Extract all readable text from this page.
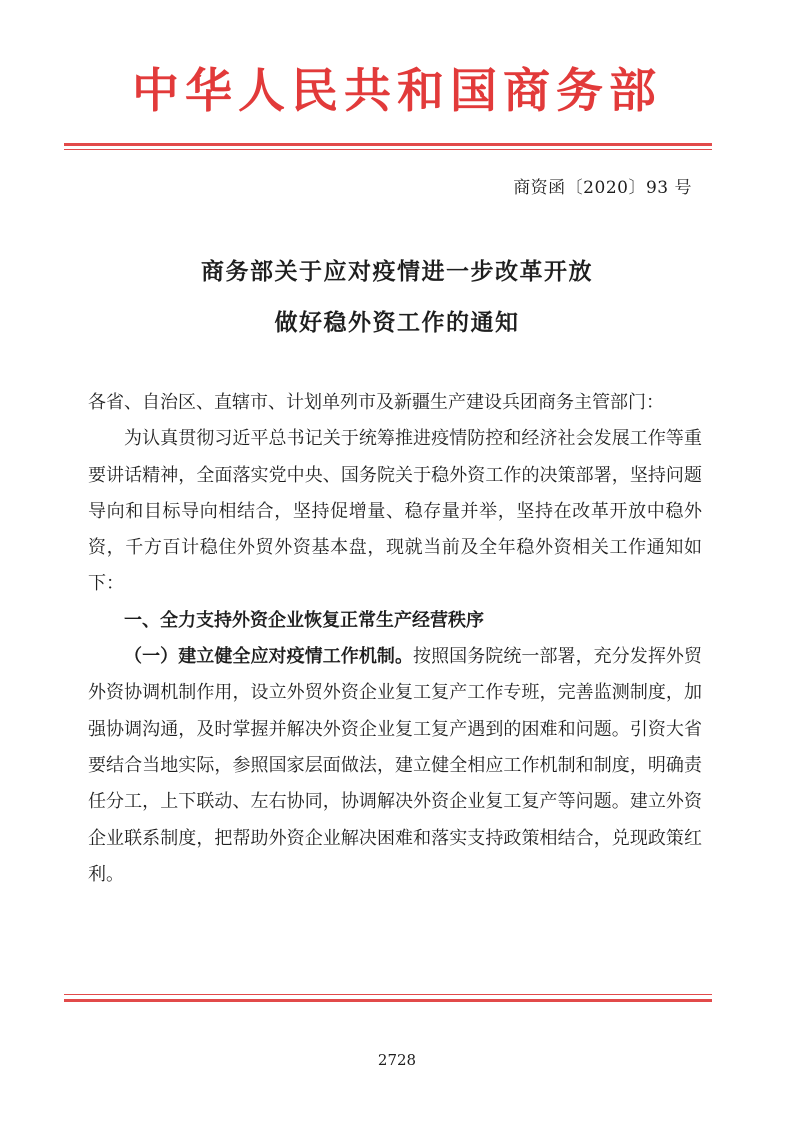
中华人民共和国商务部
商资函〔2020〕93 号
商务部关于应对疫情进一步改革开放
做好稳外资工作的通知

各省、自治区、直辖市、计划单列市及新疆生产建设兵团商务主管部门：

为认真贯彻习近平总书记关于统筹推进疫情防控和经济社会发展工作等重要讲话精神，全面落实党中央、国务院关于稳外资工作的决策部署，坚持问题导向和目标导向相结合，坚持促增量、稳存量并举，坚持在改革开放中稳外资，千方百计稳住外贸外资基本盘，现就当前及全年稳外资相关工作通知如下：

一、全力支持外资企业恢复正常生产经营秩序

（一）建立健全应对疫情工作机制。按照国务院统一部署，充分发挥外贸外资协调机制作用，设立外贸外资企业复工复产工作专班，完善监测制度，加强协调沟通，及时掌握并解决外资企业复工复产遇到的困难和问题。引资大省要结合当地实际，参照国家层面做法，建立健全相应工作机制和制度，明确责任分工，上下联动、左右协同，协调解决外资企业复工复产等问题。建立外资企业联系制度，把帮助外资企业解决困难和落实支持政策相结合，兑现政策红利。

2728
